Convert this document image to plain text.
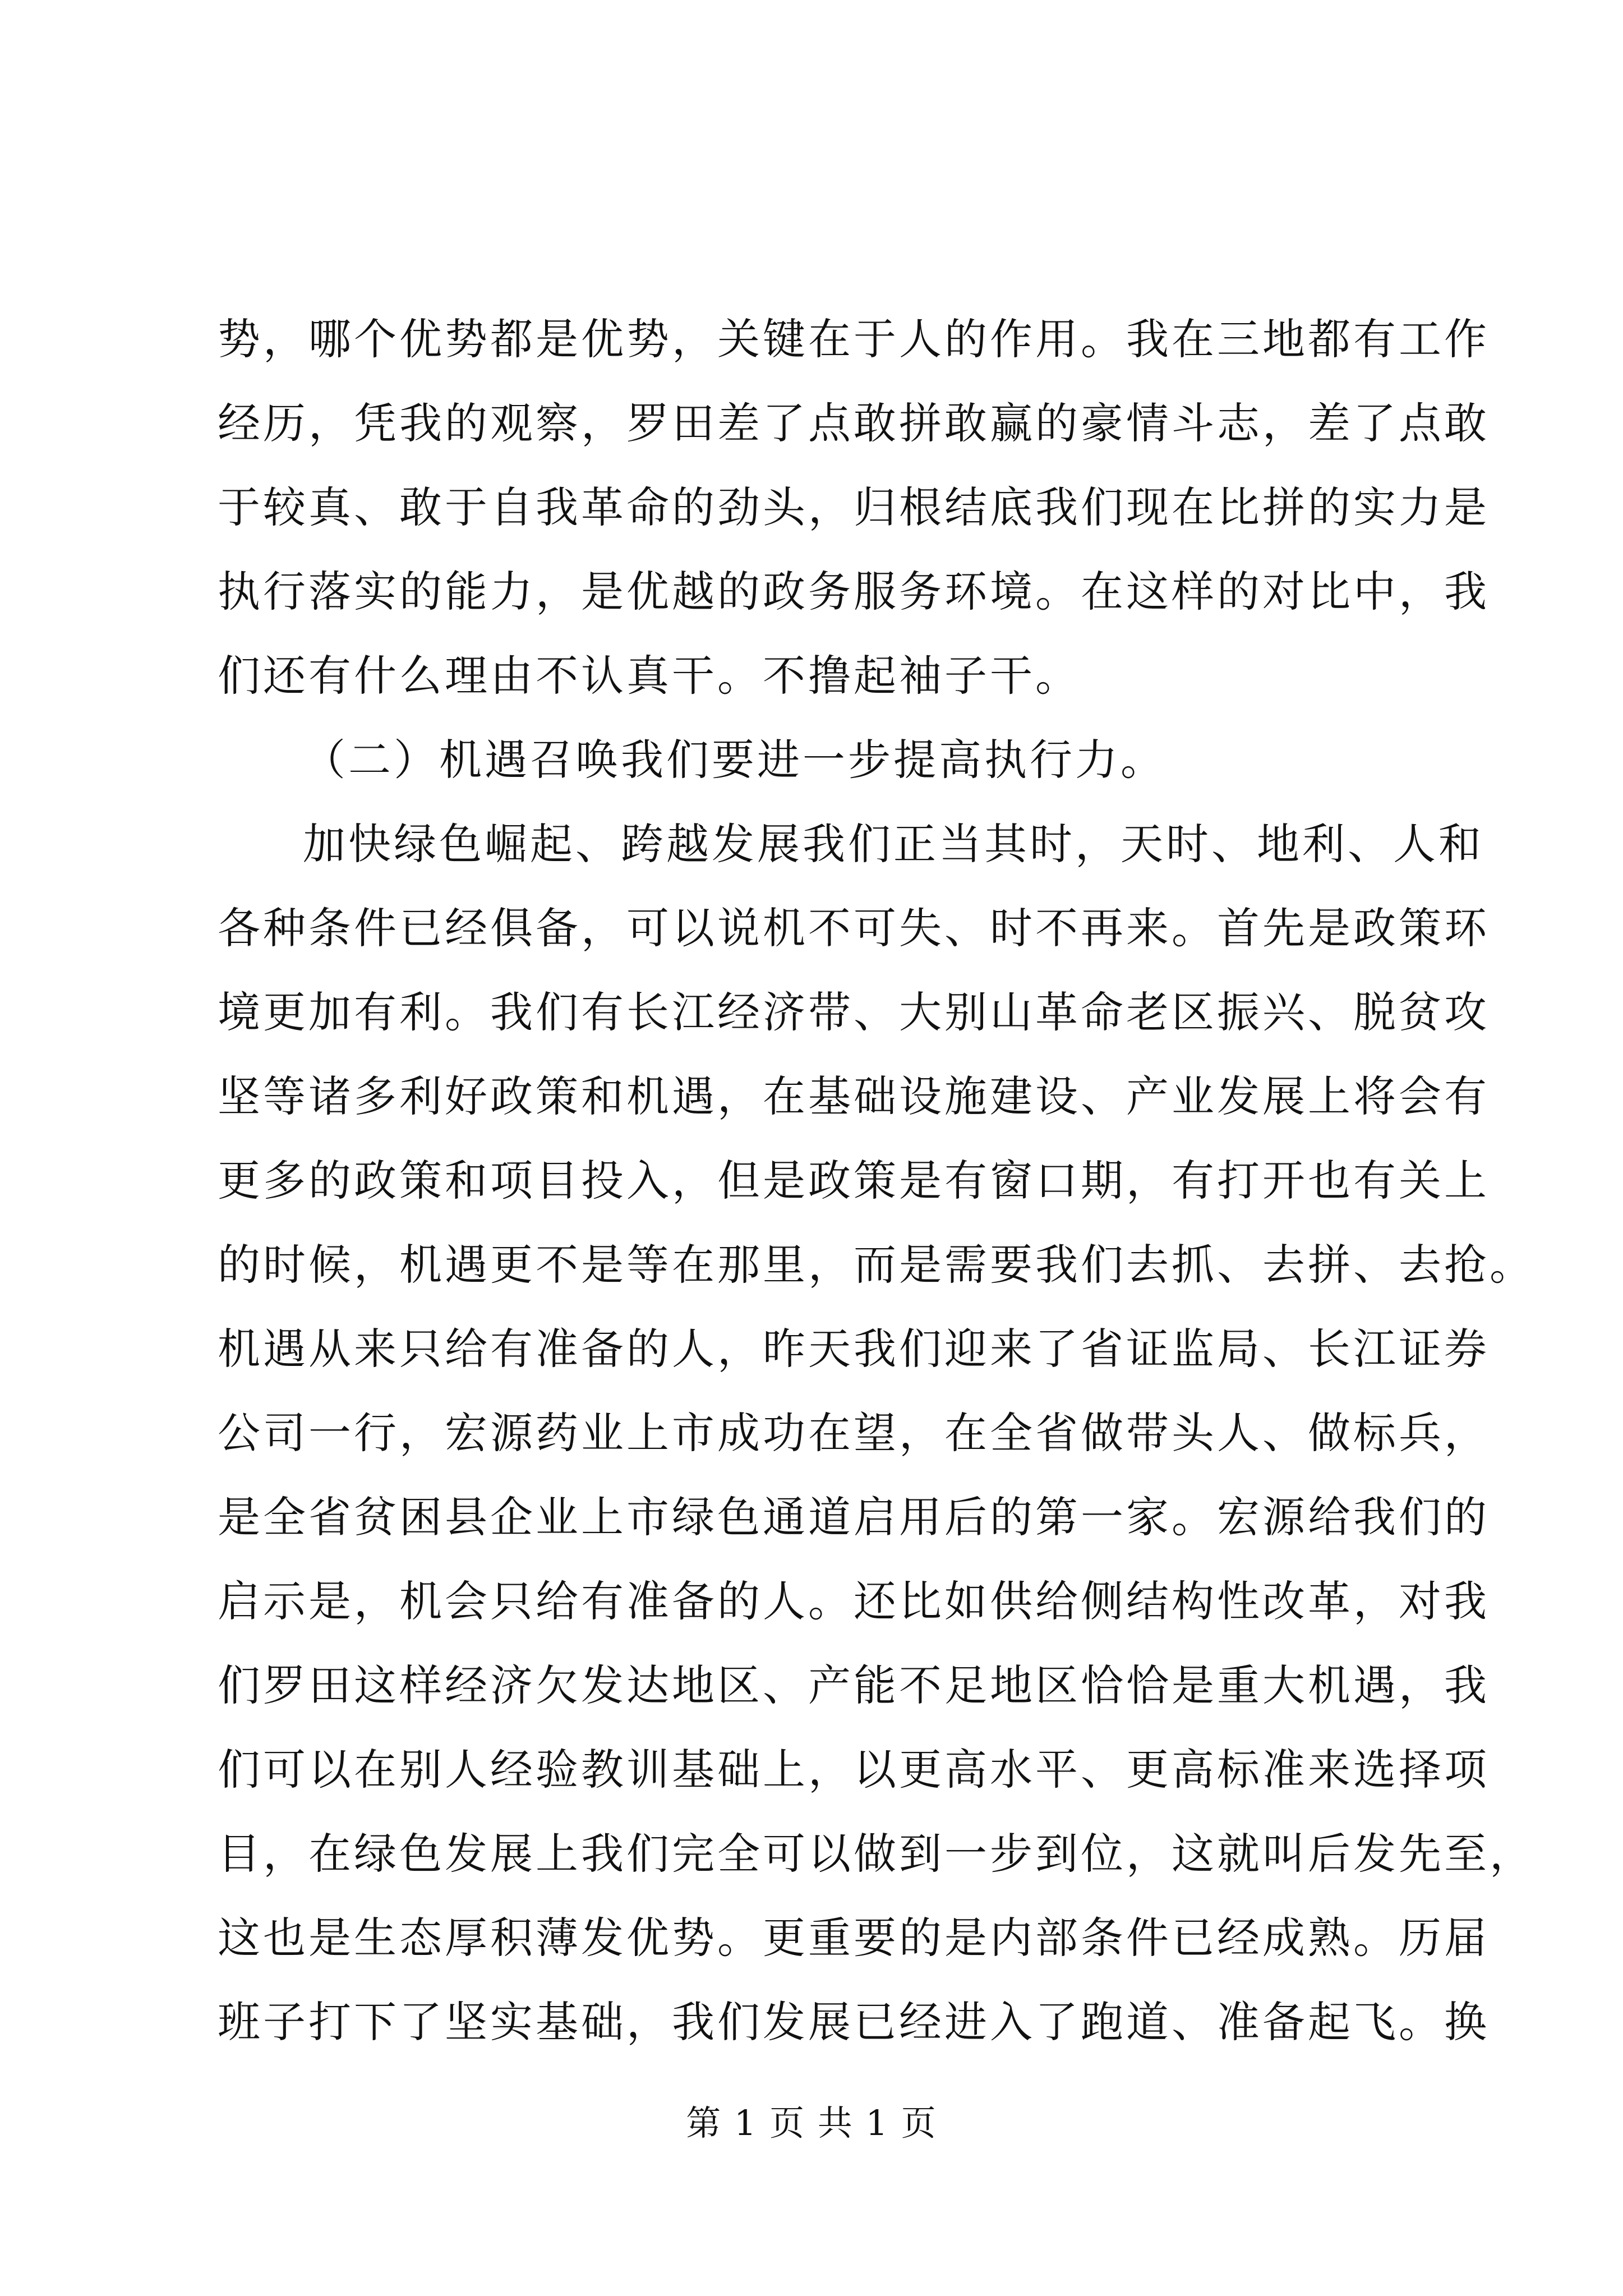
势，哪个优势都是优势，关键在于人的作用。我在三地都有工作
经历，凭我的观察，罗田差了点敢拼敢赢的豪情斗志，差了点敢
于较真、敢于自我革命的劲头，归根结底我们现在比拼的实力是
执行落实的能力，是优越的政务服务环境。在这样的对比中，我
们还有什么理由不认真干。不撸起袖子干。
（二）机遇召唤我们要进一步提高执行力。
加快绿色崛起、跨越发展我们正当其时，天时、地利、人和
各种条件已经俱备，可以说机不可失、时不再来。首先是政策环
境更加有利。我们有长江经济带、大别山革命老区振兴、脱贫攻
坚等诸多利好政策和机遇，在基础设施建设、产业发展上将会有
更多的政策和项目投入，但是政策是有窗口期，有打开也有关上
的时候，机遇更不是等在那里，而是需要我们去抓、去拼、去抢。
机遇从来只给有准备的人，昨天我们迎来了省证监局、长江证券
公司一行，宏源药业上市成功在望，在全省做带头人、做标兵，
是全省贫困县企业上市绿色通道启用后的第一家。宏源给我们的
启示是，机会只给有准备的人。还比如供给侧结构性改革，对我
们罗田这样经济欠发达地区、产能不足地区恰恰是重大机遇，我
们可以在别人经验教训基础上，以更高水平、更高标准来选择项
目，在绿色发展上我们完全可以做到一步到位，这就叫后发先至，
这也是生态厚积薄发优势。更重要的是内部条件已经成熟。历届
班子打下了坚实基础，我们发展已经进入了跑道、准备起飞。换
第 1 页 共 1 页
